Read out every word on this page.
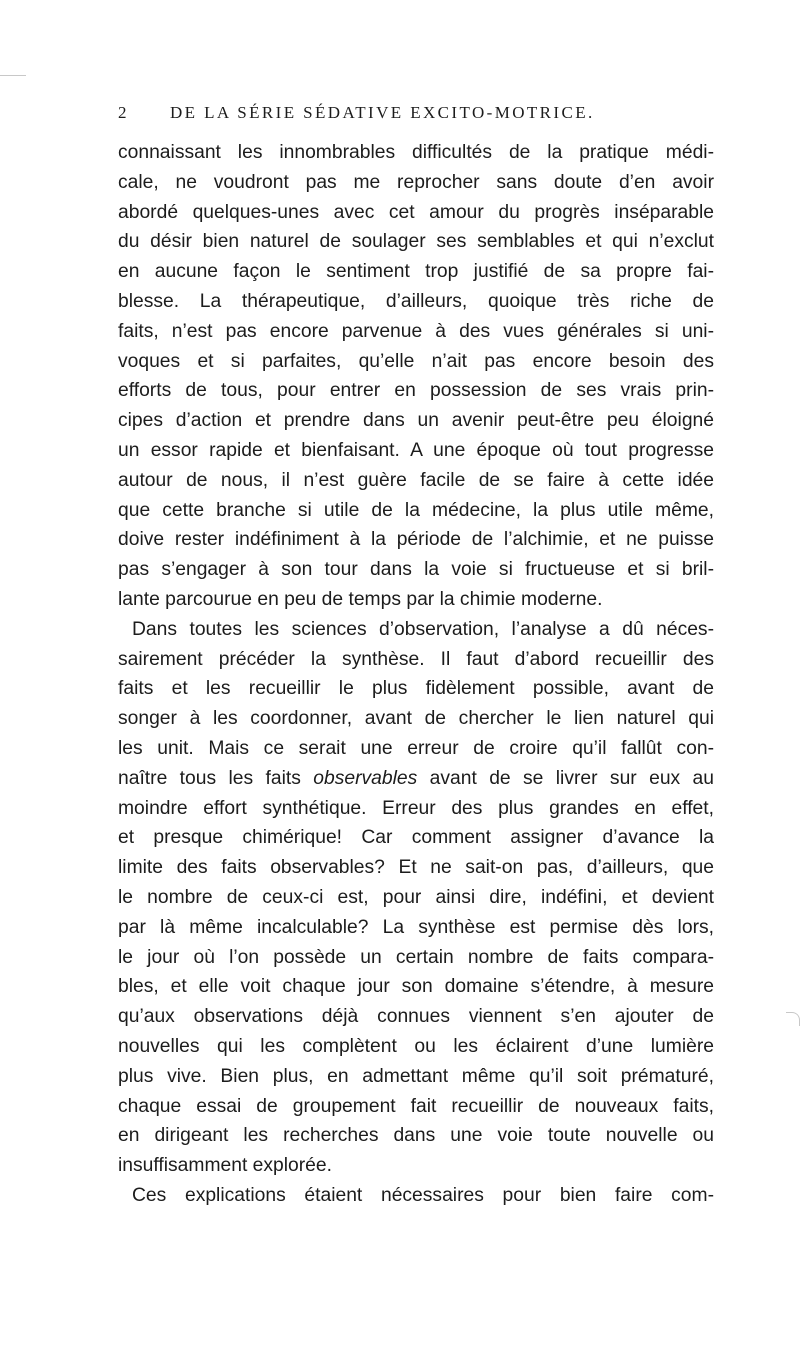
2 DE LA SÉRIE SÉDATIVE EXCITO-MOTRICE.
connaissant les innombrables difficultés de la pratique médi-
cale, ne voudront pas me reprocher sans doute d’en avoir
abordé quelques-unes avec cet amour du progrès inséparable
du désir bien naturel de soulager ses semblables et qui n’exclut
en aucune façon le sentiment trop justifié de sa propre fai-
blesse. La thérapeutique, d’ailleurs, quoique très riche de
faits, n’est pas encore parvenue à des vues générales si uni-
voques et si parfaites, qu’elle n’ait pas encore besoin des
efforts de tous, pour entrer en possession de ses vrais prin-
cipes d’action et prendre dans un avenir peut-être peu éloigné
un essor rapide et bienfaisant. A une époque où tout progresse
autour de nous, il n’est guère facile de se faire à cette idée
que cette branche si utile de la médecine, la plus utile même,
doive rester indéfiniment à la période de l’alchimie, et ne puisse
pas s’engager à son tour dans la voie si fructueuse et si bril-
lante parcourue en peu de temps par la chimie moderne.
Dans toutes les sciences d’observation, l’analyse a dû néces-
sairement précéder la synthèse. Il faut d’abord recueillir des
faits et les recueillir le plus fidèlement possible, avant de
songer à les coordonner, avant de chercher le lien naturel qui
les unit. Mais ce serait une erreur de croire qu’il fallût con-
naître tous les faits observables avant de se livrer sur eux au
moindre effort synthétique. Erreur des plus grandes en effet,
et presque chimérique! Car comment assigner d’avance la
limite des faits observables? Et ne sait-on pas, d’ailleurs, que
le nombre de ceux-ci est, pour ainsi dire, indéfini, et devient
par là même incalculable? La synthèse est permise dès lors,
le jour où l’on possède un certain nombre de faits compara-
bles, et elle voit chaque jour son domaine s’étendre, à mesure
qu’aux observations déjà connues viennent s’en ajouter de
nouvelles qui les complètent ou les éclairent d’une lumière
plus vive. Bien plus, en admettant même qu’il soit prématuré,
chaque essai de groupement fait recueillir de nouveaux faits,
en dirigeant les recherches dans une voie toute nouvelle ou
insuffisamment explorée.
Ces explications étaient nécessaires pour bien faire com-
